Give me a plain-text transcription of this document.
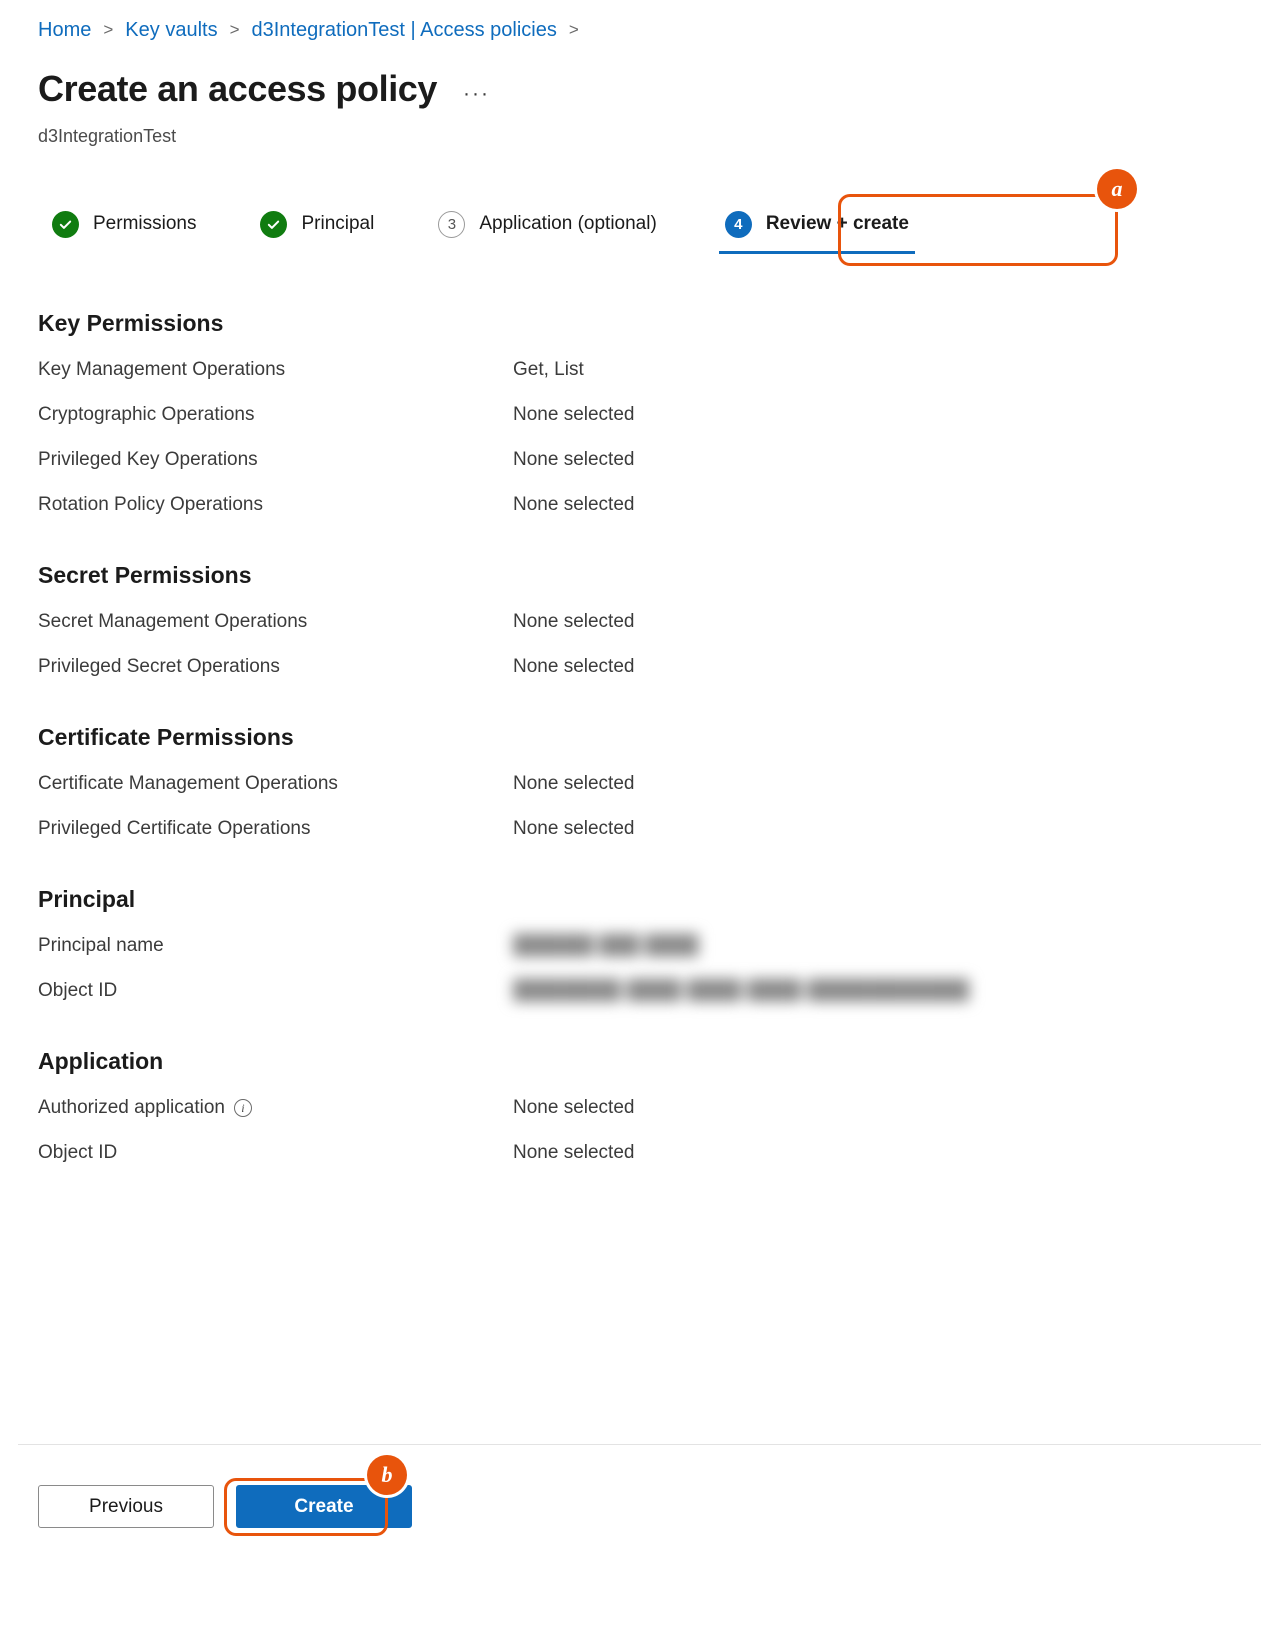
Home > Key vaults > d3IntegrationTest | Access policies >
Create an access policy ···
d3IntegrationTest
Permissions	Principal	3	Application (optional)	4	Review + create
a
Key Permissions
Key Management Operations	Get, List
Cryptographic Operations	None selected
Privileged Key Operations	None selected
Rotation Policy Operations	None selected
Secret Permissions
Secret Management Operations	None selected
Privileged Secret Operations	None selected
Certificate Permissions
Certificate Management Operations	None selected
Privileged Certificate Operations	None selected
Principal
Principal name	██████ ███ ████
Object ID	████████-████-████-████-████████████
Application
Authorized application	i	None selected
Object ID	None selected
Previous	Create
b
